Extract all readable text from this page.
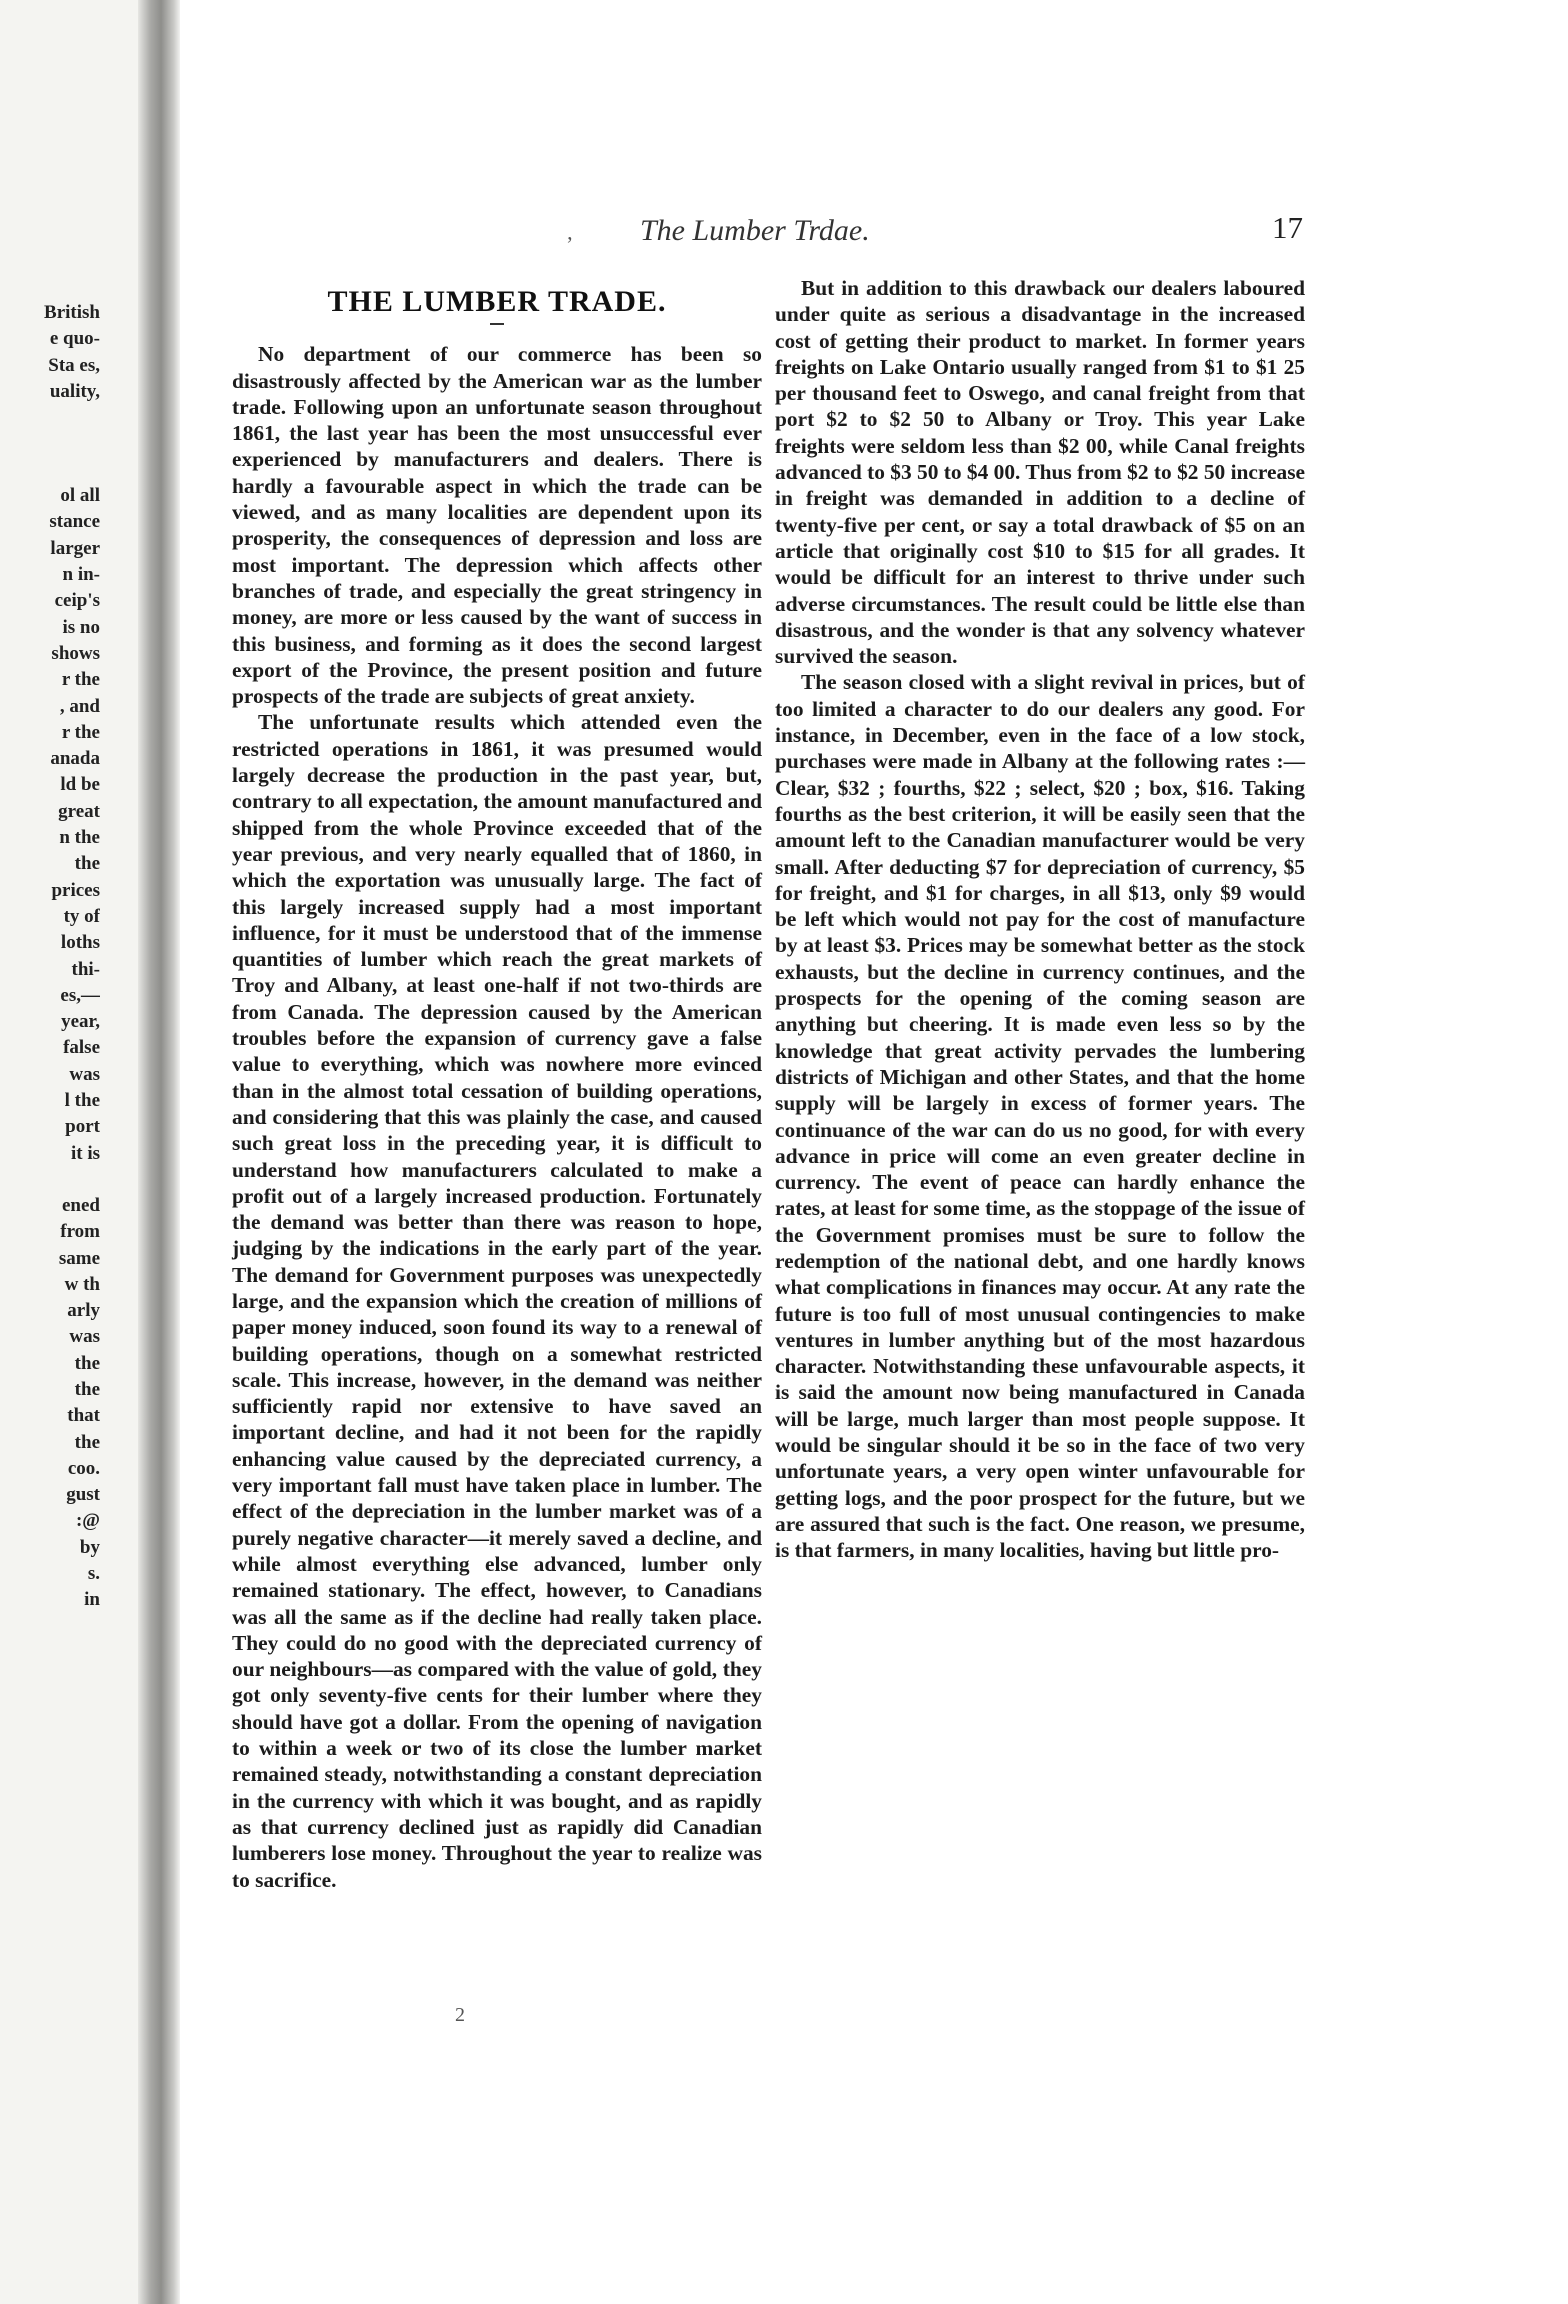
British
e quo-
Sta es,
uality,
ol all
stance
larger
n in-
ceip's
is no
shows
r the
, and
r the
anada
ld be
great
n the
the
prices
ty of
loths
thi-
es,—
year,
false
was
l the
port
it is
ened
from
same
w th
arly
was
the
the
that
the
coo.
gust
:@
by
s.
in
ʼ The Lumber Trdae.	17
THE LUMBER TRADE.

No department of our commerce has been so disastrously affected by the American war as the lumber trade. Following upon an unfortunate season throughout 1861, the last year has been the most unsuccessful ever experienced by manufacturers and dealers. There is hardly a favourable aspect in which the trade can be viewed, and as many localities are dependent upon its prosperity, the consequences of depression and loss are most important. The depression which affects other branches of trade, and especially the great stringency in money, are more or less caused by the want of success in this business, and forming as it does the second largest export of the Province, the present position and future prospects of the trade are subjects of great anxiety.

The unfortunate results which attended even the restricted operations in 1861, it was presumed would largely decrease the production in the past year, but, contrary to all expectation, the amount manufactured and shipped from the whole Province exceeded that of the year previous, and very nearly equalled that of 1860, in which the exportation was unusually large. The fact of this largely increased supply had a most important influence, for it must be understood that of the immense quantities of lumber which reach the great markets of Troy and Albany, at least one-half if not two-thirds are from Canada. The depression caused by the American troubles before the expansion of currency gave a false value to everything, which was nowhere more evinced than in the almost total cessation of building operations, and considering that this was plainly the case, and caused such great loss in the preceding year, it is difficult to understand how manufacturers calculated to make a profit out of a largely increased production. Fortunately the demand was better than there was reason to hope, judging by the indications in the early part of the year. The demand for Government purposes was unexpectedly large, and the expansion which the creation of millions of paper money induced, soon found its way to a renewal of building operations, though on a somewhat restricted scale. This increase, however, in the demand was neither sufficiently rapid nor extensive to have saved an important decline, and had it not been for the rapidly enhancing value caused by the depreciated currency, a very important fall must have taken place in lumber. The effect of the depreciation in the lumber market was of a purely negative character—it merely saved a decline, and while almost everything else advanced, lumber only remained stationary. The effect, however, to Canadians was all the same as if the decline had really taken place. They could do no good with the depreciated currency of our neighbours—as compared with the value of gold, they got only seventy-five cents for their lumber where they should have got a dollar. From the opening of navigation to within a week or two of its close the lumber market remained steady, notwithstanding a constant depreciation in the currency with which it was bought, and as rapidly as that currency declined just as rapidly did Canadian lumberers lose money. Throughout the year to realize was to sacrifice.

But in addition to this drawback our dealers laboured under quite as serious a disadvantage in the increased cost of getting their product to market. In former years freights on Lake Ontario usually ranged from $1 to $1 25 per thousand feet to Oswego, and canal freight from that port $2 to $2 50 to Albany or Troy. This year Lake freights were seldom less than $2 00, while Canal freights advanced to $3 50 to $4 00. Thus from $2 to $2 50 increase in freight was demanded in addition to a decline of twenty-five per cent, or say a total drawback of $5 on an article that originally cost $10 to $15 for all grades. It would be difficult for an interest to thrive under such adverse circumstances. The result could be little else than disastrous, and the wonder is that any solvency whatever survived the season.

The season closed with a slight revival in prices, but of too limited a character to do our dealers any good. For instance, in December, even in the face of a low stock, purchases were made in Albany at the following rates :—Clear, $32 ; fourths, $22 ; select, $20 ; box, $16. Taking fourths as the best criterion, it will be easily seen that the amount left to the Canadian manufacturer would be very small. After deducting $7 for depreciation of currency, $5 for freight, and $1 for charges, in all $13, only $9 would be left which would not pay for the cost of manufacture by at least $3. Prices may be somewhat better as the stock exhausts, but the decline in currency continues, and the prospects for the opening of the coming season are anything but cheering. It is made even less so by the knowledge that great activity pervades the lumbering districts of Michigan and other States, and that the home supply will be largely in excess of former years. The continuance of the war can do us no good, for with every advance in price will come an even greater decline in currency. The event of peace can hardly enhance the rates, at least for some time, as the stoppage of the issue of the Government promises must be sure to follow the redemption of the national debt, and one hardly knows what complications in finances may occur. At any rate the future is too full of most unusual contingencies to make ventures in lumber anything but of the most hazardous character. Notwithstanding these unfavourable aspects, it is said the amount now being manufactured in Canada will be large, much larger than most people suppose. It would be singular should it be so in the face of two very unfortunate years, a very open winter unfavourable for getting logs, and the poor prospect for the future, but we are assured that such is the fact. One reason, we presume, is that farmers, in many localities, having but little pro-

2
